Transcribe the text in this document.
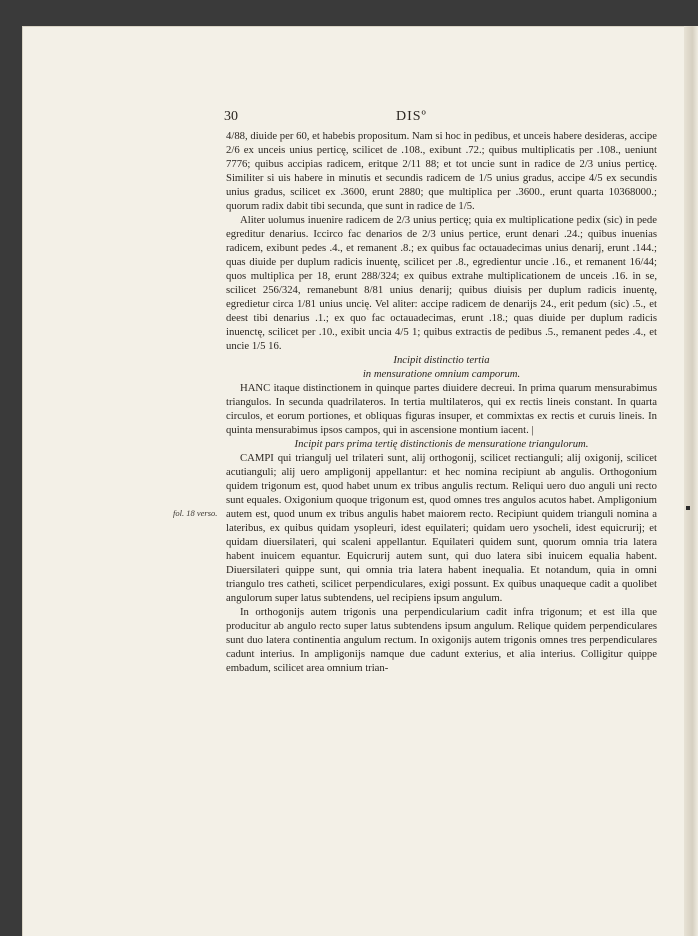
30	DISº
fol. 18 verso.

4/88, diuide per 60, et habebis propositum. Nam si hoc in pedibus, et unceis habere desideras, accipe 2/6 ex unceis unius perticę, scilicet de .108., exibunt .72.; quibus multiplicatis per .108., ueniunt 7776; quibus accipias radicem, eritque 2/11 88; et tot uncie sunt in radice de 2/3 unius perticę. Similiter si uis habere in minutis et secundis radicem de 1/5 unius gradus, accipe 4/5 ex secundis unius gradus, scilicet ex .3600, erunt 2880; que multiplica per .3600., erunt quarta 10368000.; quorum radix dabit tibi secunda, que sunt in radice de 1/5.

Aliter uolumus inuenire radicem de 2/3 unius perticę; quia ex multiplicatione pedix (sic) in pede egreditur denarius. Iccirco fac denarios de 2/3 unius pertice, erunt denari .24.; quibus inuenias radicem, exibunt pedes .4., et remanent .8.; ex quibus fac octauadecimas unius denarij, erunt .144.; quas diuide per duplum radicis inuentę, scilicet per .8., egredientur uncie .16., et remanent 16/44; quos multiplica per 18, erunt 288/324; ex quibus extrahe multiplicationem de unceis .16. in se, scilicet 256/324, remanebunt 8/81 unius denarij; quibus diuisis per duplum radicis inuentę, egredietur circa 1/81 unius uncię. Vel aliter: accipe radicem de denarijs 24., erit pedum (sic) .5., et deest tibi denarius .1.; ex quo fac octauadecimas, erunt .18.; quas diuide per duplum radicis inuenctę, scilicet per .10., exibit uncia 4/5 1; quibus extractis de pedibus .5., remanent pedes .4., et uncie 1/5 16.

Incipit distinctio tertia

in mensuratione omnium camporum.

HANC itaque distinctionem in quinque partes diuidere decreui. In prima quarum mensurabimus triangulos. In secunda quadrilateros. In tertia multilateros, qui ex rectis lineis constant. In quarta circulos, et eorum portiones, et obliquas figuras insuper, et commixtas ex rectis et curuis lineis. In quinta mensurabimus ipsos campos, qui in ascensione montium iacent. |

Incipit pars prima tertię distinctionis de mensuratione triangulorum.

CAMPI qui triangulj uel trilateri sunt, alij orthogonij, scilicet rectianguli; alij oxigonij, scilicet acutianguli; alij uero ampligonij appellantur: et hec nomina recipiunt ab angulis. Orthogonium quidem trigonum est, quod habet unum ex tribus angulis rectum. Reliqui uero duo anguli uni recto sunt equales. Oxigonium quoque trigonum est, quod omnes tres angulos acutos habet. Ampligonium autem est, quod unum ex tribus angulis habet maiorem recto. Recipiunt quidem trianguli nomina a lateribus, ex quibus quidam ysopleuri, idest equilateri; quidam uero ysocheli, idest equicrurij; et quidam diuersilateri, qui scaleni appellantur. Equilateri quidem sunt, quorum omnia tria latera habent inuicem equantur. Equicrurij autem sunt, qui duo latera sibi inuicem equalia habent. Diuersilateri quippe sunt, qui omnia tria latera habent inequalia. Et notandum, quia in omni triangulo tres catheti, scilicet perpendiculares, exigi possunt. Ex quibus unaqueque cadit a quolibet angulorum super latus subtendens, uel recipiens ipsum angulum.

In orthogonijs autem trigonis una perpendicularium cadit infra trigonum; et est illa que producitur ab angulo recto super latus subtendens ipsum angulum. Relique quidem perpendiculares sunt duo latera continentia angulum rectum. In oxigonijs autem trigonis omnes tres perpendiculares cadunt interius. In ampligonijs namque due cadunt exterius, et alia interius. Colligitur quippe embadum, scilicet area omnium trian-
